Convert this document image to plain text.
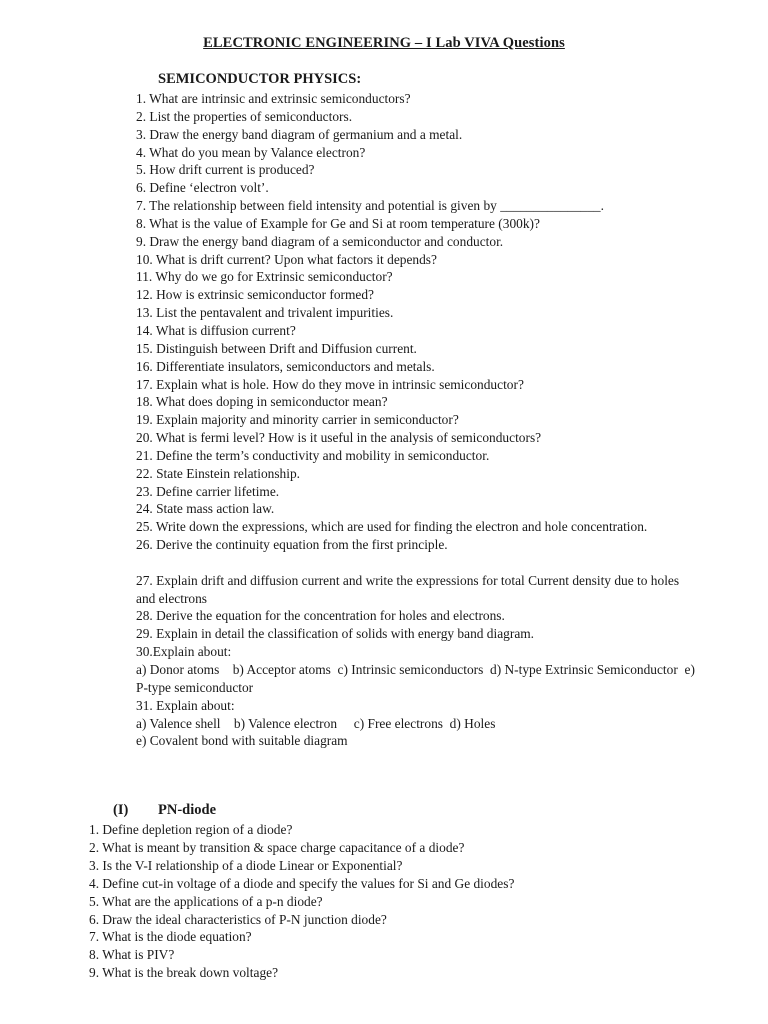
ELECTRONIC ENGINEERING – I Lab VIVA Questions
SEMICONDUCTOR PHYSICS:
1. What are intrinsic and extrinsic semiconductors?
2. List the properties of semiconductors.
3. Draw the energy band diagram of germanium and a metal.
4. What do you mean by Valance electron?
5. How drift current is produced?
6. Define ‘electron volt’.
7. The relationship between field intensity and potential is given by _______________.
8. What is the value of Example for Ge and Si at room temperature (300k)?
9. Draw the energy band diagram of a semiconductor and conductor.
10. What is drift current? Upon what factors it depends?
11. Why do we go for Extrinsic semiconductor?
12. How is extrinsic semiconductor formed?
13. List the pentavalent and trivalent impurities.
14. What is diffusion current?
15. Distinguish between Drift and Diffusion current.
16. Differentiate insulators, semiconductors and metals.
17. Explain what is hole. How do they move in intrinsic semiconductor?
18. What does doping in semiconductor mean?
19. Explain majority and minority carrier in semiconductor?
20. What is fermi level? How is it useful in the analysis of semiconductors?
21. Define the term’s conductivity and mobility in semiconductor.
22. State Einstein relationship.
23. Define carrier lifetime.
24. State mass action law.
25. Write down the expressions, which are used for finding the electron and hole concentration.
26. Derive the continuity equation from the first principle.
27. Explain drift and diffusion current and write the expressions for total Current density due to holes and electrons
28. Derive the equation for the concentration for holes and electrons.
29. Explain in detail the classification of solids with energy band diagram.
30.Explain about:
a) Donor atoms    b) Acceptor atoms  c) Intrinsic semiconductors  d) N-type Extrinsic Semiconductor  e) P-type semiconductor
31. Explain about:
a) Valence shell    b) Valence electron     c) Free electrons  d) Holes
e) Covalent bond with suitable diagram
(I) PN-diode
1. Define depletion region of a diode?
2. What is meant by transition & space charge capacitance of a diode?
3. Is the V-I relationship of a diode Linear or Exponential?
4. Define cut-in voltage of a diode and specify the values for Si and Ge diodes?
5. What are the applications of a p-n diode?
6. Draw the ideal characteristics of P-N junction diode?
7. What is the diode equation?
8. What is PIV?
9. What is the break down voltage?
